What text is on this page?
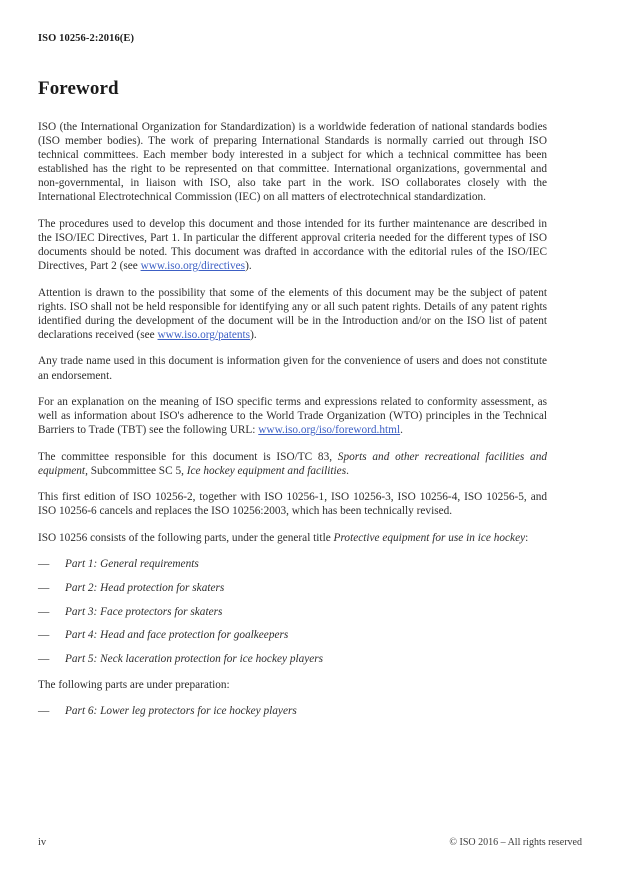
ISO 10256-2:2016(E)
Foreword

ISO (the International Organization for Standardization) is a worldwide federation of national standards bodies (ISO member bodies). The work of preparing International Standards is normally carried out through ISO technical committees. Each member body interested in a subject for which a technical committee has been established has the right to be represented on that committee. International organizations, governmental and non-governmental, in liaison with ISO, also take part in the work. ISO collaborates closely with the International Electrotechnical Commission (IEC) on all matters of electrotechnical standardization.

The procedures used to develop this document and those intended for its further maintenance are described in the ISO/IEC Directives, Part 1. In particular the different approval criteria needed for the different types of ISO documents should be noted. This document was drafted in accordance with the editorial rules of the ISO/IEC Directives, Part 2 (see www.iso.org/directives).

Attention is drawn to the possibility that some of the elements of this document may be the subject of patent rights. ISO shall not be held responsible for identifying any or all such patent rights. Details of any patent rights identified during the development of the document will be in the Introduction and/or on the ISO list of patent declarations received (see www.iso.org/patents).

Any trade name used in this document is information given for the convenience of users and does not constitute an endorsement.

For an explanation on the meaning of ISO specific terms and expressions related to conformity assessment, as well as information about ISO's adherence to the World Trade Organization (WTO) principles in the Technical Barriers to Trade (TBT) see the following URL: www.iso.org/iso/foreword.html.

The committee responsible for this document is ISO/TC 83, Sports and other recreational facilities and equipment, Subcommittee SC 5, Ice hockey equipment and facilities.

This first edition of ISO 10256-2, together with ISO 10256-1, ISO 10256-3, ISO 10256-4, ISO 10256-5, and ISO 10256-6 cancels and replaces the ISO 10256:2003, which has been technically revised.

ISO 10256 consists of the following parts, under the general title Protective equipment for use in ice hockey:

— Part 1: General requirements
— Part 2: Head protection for skaters
— Part 3: Face protectors for skaters
— Part 4: Head and face protection for goalkeepers
— Part 5: Neck laceration protection for ice hockey players

The following parts are under preparation:

— Part 6: Lower leg protectors for ice hockey players
iv	© ISO 2016 – All rights reserved
